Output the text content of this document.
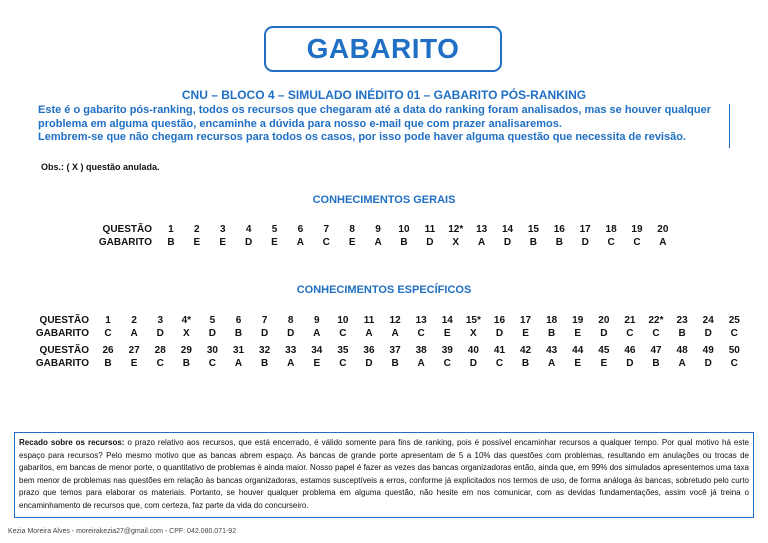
GABARITO
CNU – BLOCO 4 – SIMULADO INÉDITO 01 – GABARITO PÓS-RANKING
Este é o gabarito pós-ranking, todos os recursos que chegaram até a data do ranking foram analisados, mas se houver qualquer
problema em alguma questão, encaminhe a dúvida para nosso e-mail que com prazer analisaremos.
Lembrem-se que não chegam recursos para todos os casos, por isso pode haver alguma questão que necessita de revisão.
Obs.: ( X ) questão anulada.
CONHECIMENTOS GERAIS
QUESTÃO	1	2	3	4	5	6	7	8	9	10	11	12*	13	14	15	16	17	18	19	20
GABARITO	B	E	E	D	E	A	C	E	A	B	D	X	A	D	B	B	D	C	C	A
CONHECIMENTOS ESPECÍFICOS
QUESTÃO	1	2	3	4*	5	6	7	8	9	10	11	12	13	14	15*	16	17	18	19	20	21	22*	23	24	25
GABARITO	C	A	D	X	D	B	D	D	A	C	A	A	C	E	X	D	E	B	E	D	C	C	B	D	C

QUESTÃO	26	27	28	29	30	31	32	33	34	35	36	37	38	39	40	41	42	43	44	45	46	47	48	49	50
GABARITO	B	E	C	B	C	A	B	A	E	C	D	B	A	C	D	C	B	A	E	E	D	B	A	D	C
Recado sobre os recursos: o prazo relativo aos recursos, que está encerrado, é válido somente para fins de ranking, pois é possível encaminhar recursos a qualquer tempo. Por qual motivo há este espaço para recursos? Pelo mesmo motivo que as bancas abrem espaço. As bancas de grande porte apresentam de 5 a 10% das questões com problemas, resultando em anulações ou trocas de gabaritos, em bancas de menor porte, o quantitativo de problemas é ainda maior. Nosso papel é fazer as vezes das bancas organizadoras então, ainda que, em 99% dos simulados apresentemos uma taxa bem menor de problemas nas questões em relação às bancas organizadoras, estamos susceptíveis a erros, conforme já explicitados nos termos de uso, de forma análoga às bancas, sobretudo pelo curto prazo que temos para elaborar os materiais. Portanto, se houver qualquer problema em alguma questão, não hesite em nos comunicar, com as devidas fundamentações, assim você já treina o encaminhamento de recursos que, com certeza, faz parte da vida do concurseiro.
Kezia Moreira Alves - moreirakezia27@gmail.com - CPF: 042.080.071-92
